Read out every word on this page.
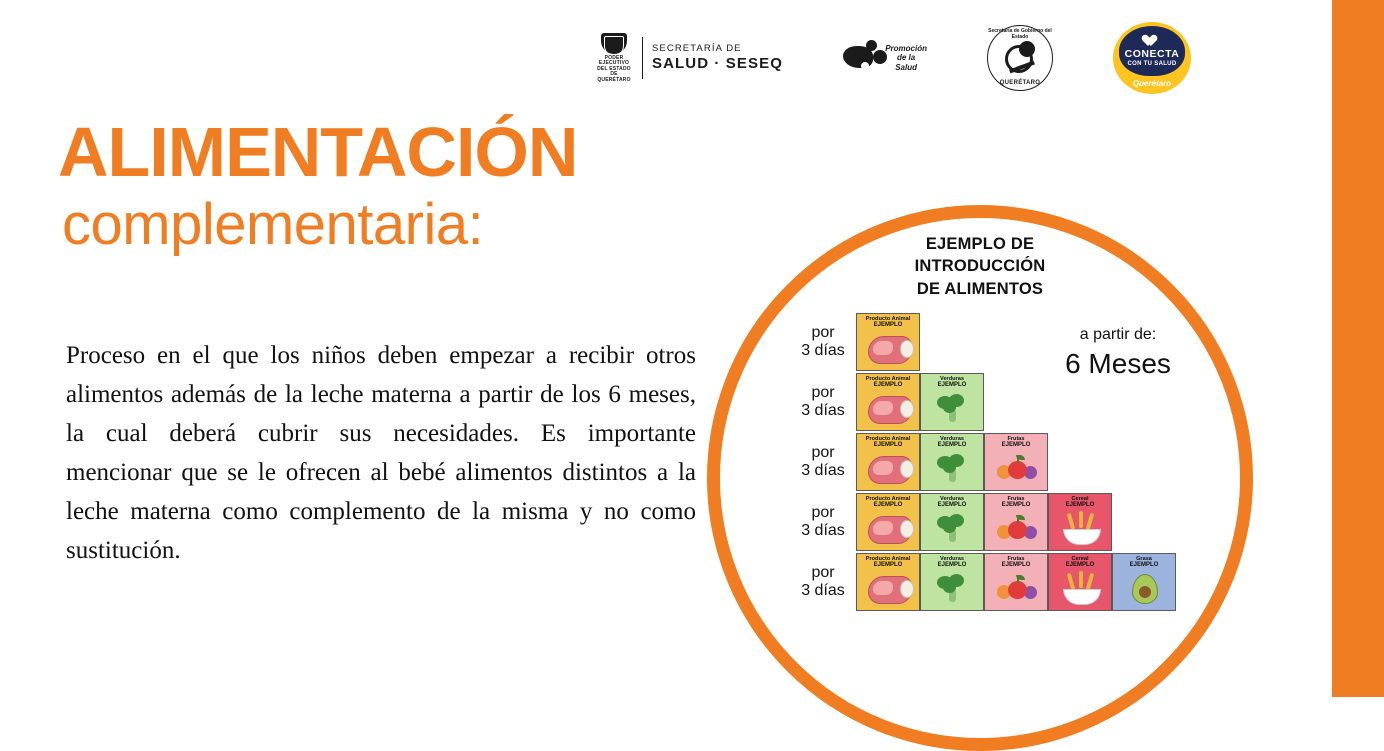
PODER EJECUTIVO DEL ESTADO DE
QUERÉTARO
SECRETARÍA DE
SALUD · SESEQ
Promoción
de la
Salud
Secretaría de Gobierno del Estado
QUERÉTARO
CONECTA
CON TU SALUD
Querétaro
ALIMENTACIÓN
complementaria:
Proceso en el que los niños deben empezar a recibir otros alimentos además de la leche materna a partir de los 6 meses, la cual deberá cubrir sus necesidades. Es importante mencionar que se le ofrecen al bebé alimentos distintos a la leche materna como complemento de la misma y no como sustitución.
EJEMPLO DE
INTRODUCCIÓN
DE ALIMENTOS
a partir de:
6 Meses
por
3 días
Producto Animal
EJEMPLO
por
3 días
Producto Animal
EJEMPLO
Verduras
EJEMPLO
por
3 días
Producto Animal
EJEMPLO
Verduras
EJEMPLO
Frutas
EJEMPLO
por
3 días
Producto Animal
EJEMPLO
Verduras
EJEMPLO
Frutas
EJEMPLO
Cereal
EJEMPLO
por
3 días
Producto Animal
EJEMPLO
Verduras
EJEMPLO
Frutas
EJEMPLO
Cereal
EJEMPLO
Grasa
EJEMPLO
